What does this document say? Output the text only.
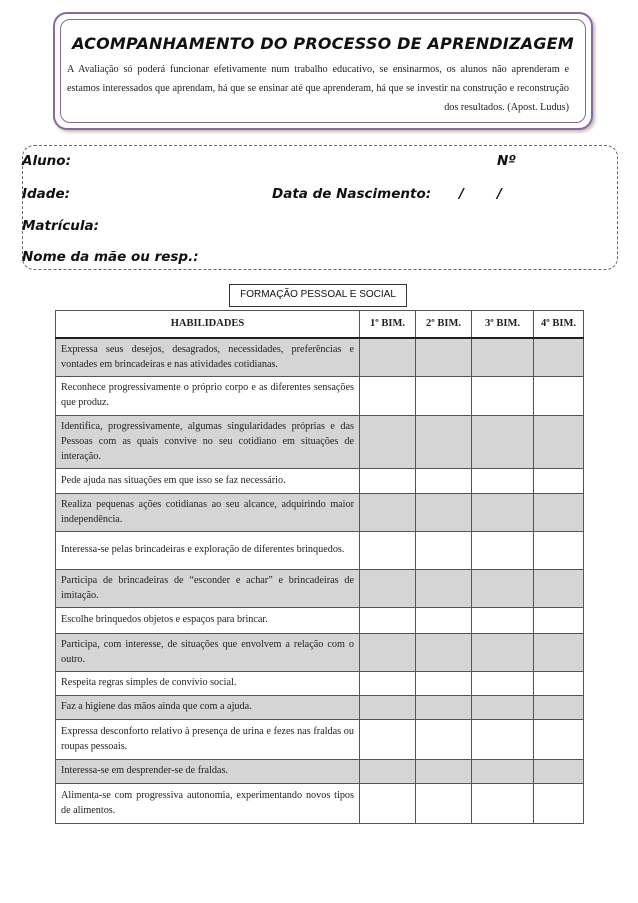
ACOMPANHAMENTO DO PROCESSO DE APRENDIZAGEM
A Avaliação só poderá funcionar efetivamente num trabalho educativo, se ensinarmos, os alunos não aprenderam e estamos interessados que aprendam, há que se ensinar até que aprenderam, há que se investir na construção e reconstrução dos resultados. (Apost. Ludus)
Aluno:	Nº
Idade:	Data de Nascimento: / /
Matrícula:
Nome da mãe ou resp.:
FORMAÇÃO PESSOAL E SOCIAL
HABILIDADES	1º BIM.	2º BIM.	3º BIM.	4º BIM.
Expressa seus desejos, desagrados, necessidades, preferências e vontades em brincadeiras e nas atividades cotidianas.				
Reconhece progressivamente o próprio corpo e as diferentes sensações que produz.				
Identifica, progressivamente, algumas singularidades próprias e das Pessoas com as quais convive no seu cotidiano em situações de interação.				
Pede ajuda nas situações em que isso se faz necessário.				
Realiza pequenas ações cotidianas ao seu alcance, adquirindo maior independência.				
Interessa-se pelas brincadeiras e exploração de diferentes brinquedos.				
Participa de brincadeiras de “esconder e achar” e brincadeiras de imitação.				
Escolhe brinquedos objetos e espaços para brincar.				
Participa, com interesse, de situações que envolvem a relação com o outro.				
Respeita regras simples de convívio social.				
Faz a higiene das mãos ainda que com a ajuda.				
Expressa desconforto relativo à presença de urina e fezes nas fraldas ou roupas pessoais.				
Interessa-se em desprender-se de fraldas.				
Alimenta-se com progressiva autonomia, experimentando novos tipos de alimentos.				
